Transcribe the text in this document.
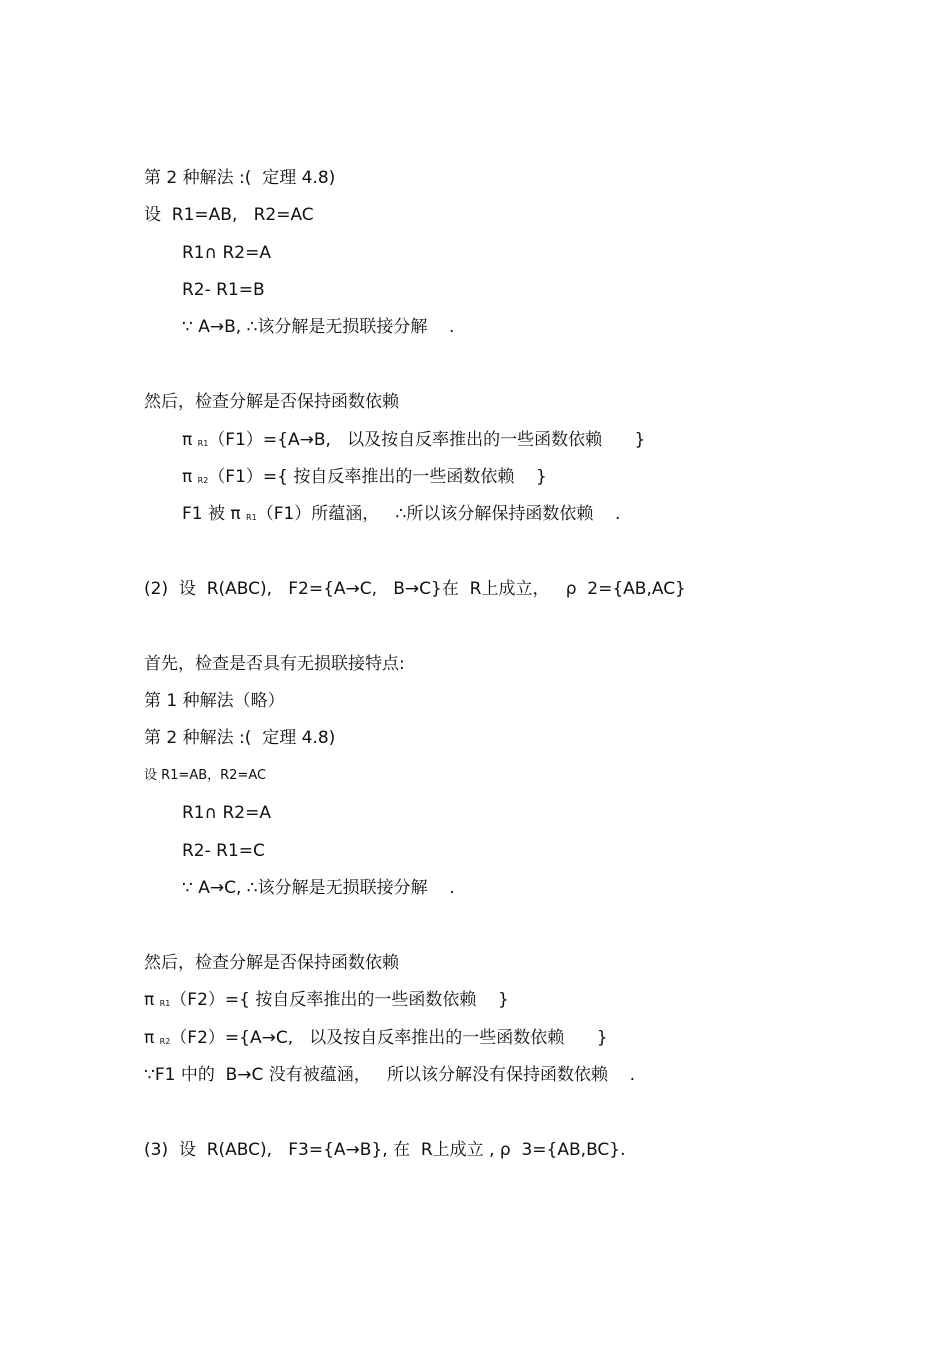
第 2 种解法 :(  定理 4.8)
设  R1=AB,   R2=AC
R1∩ R2=A
R2- R1=B
∵ A→B, ∴该分解是无损联接分解    .
然后，检查分解是否保持函数依赖
π $_{R1}$（F1）={A→B,   以及按自反率推出的一些函数依赖      }
π $_{R2}$（F1）={ 按自反率推出的一些函数依赖    }
F1 被 π $_{R1}$（F1）所蕴涵，   ∴所以该分解保持函数依赖    .
(2)  设  R(ABC),   F2={A→C,   B→C}在  R上成立，   ρ  2={AB,AC}
首先，检查是否具有无损联接特点:
第 1 种解法（略）
第 2 种解法 :(  定理 4.8)
设 R1=AB，R2=AC
R1∩ R2=A
R2- R1=C
∵ A→C, ∴该分解是无损联接分解    .
然后，检查分解是否保持函数依赖
π $_{R1}$（F2）={ 按自反率推出的一些函数依赖    }
π $_{R2}$（F2）={A→C,   以及按自反率推出的一些函数依赖      }
∵F1 中的  B→C 没有被蕴涵，   所以该分解没有保持函数依赖    .
(3)  设  R(ABC),   F3={A→B}, 在  R上成立 , ρ  3={AB,BC}.
